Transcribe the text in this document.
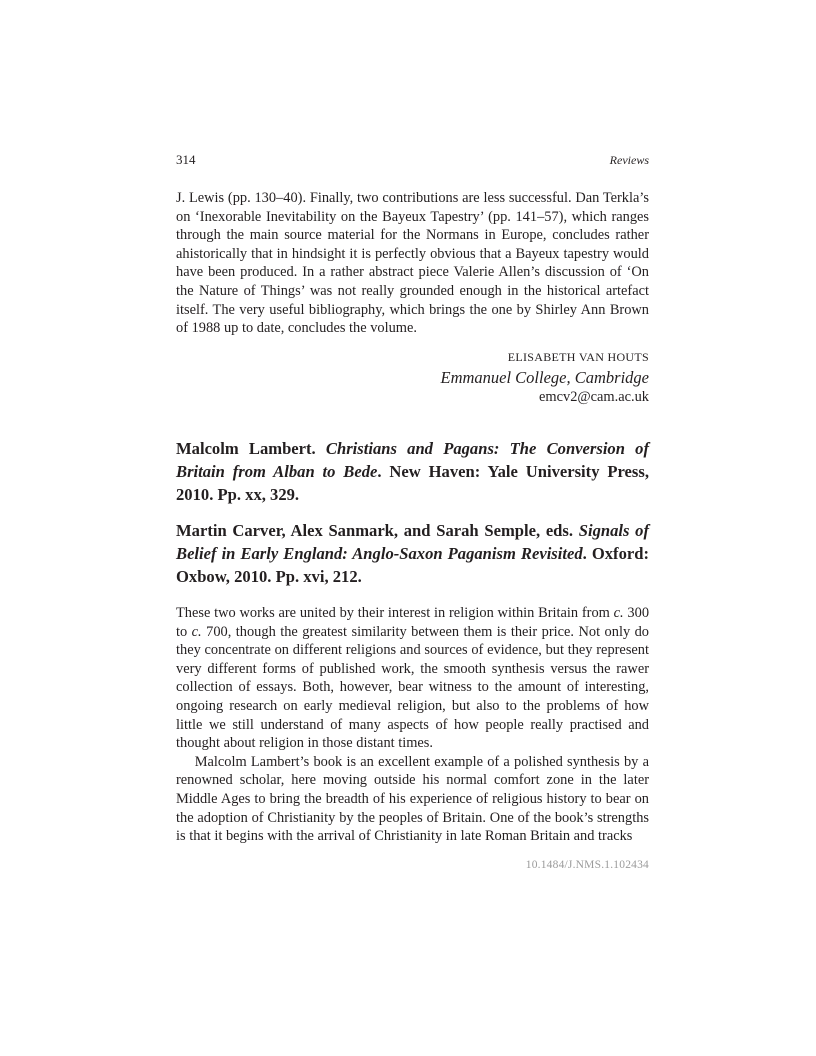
314	Reviews

J. Lewis (pp. 130–40). Finally, two contributions are less successful. Dan Terkla’s on ‘Inexorable Inevitability on the Bayeux Tapestry’ (pp. 141–57), which ranges through the main source material for the Normans in Europe, concludes rather ahistorically that in hindsight it is perfectly obvious that a Bayeux tapestry would have been produced. In a rather abstract piece Valerie Allen’s discussion of ‘On the Nature of Things’ was not really grounded enough in the historical artefact itself. The very useful bibliography, which brings the one by Shirley Ann Brown of 1988 up to date, concludes the volume.

ELISABETH VAN HOUTS
Emmanuel College, Cambridge
emcv2@cam.ac.uk

Malcolm Lambert. Christians and Pagans: The Conversion of Britain from Alban to Bede. New Haven: Yale University Press, 2010. Pp. xx, 329.

Martin Carver, Alex Sanmark, and Sarah Semple, eds. Signals of Belief in Early England: Anglo-Saxon Paganism Revisited. Oxford: Oxbow, 2010. Pp. xvi, 212.

These two works are united by their interest in religion within Britain from c. 300 to c. 700, though the greatest similarity between them is their price. Not only do they concentrate on different religions and sources of evidence, but they represent very different forms of published work, the smooth synthesis versus the rawer collection of essays. Both, however, bear witness to the amount of interesting, ongoing research on early medieval religion, but also to the problems of how little we still understand of many aspects of how people really practised and thought about religion in those distant times.

Malcolm Lambert’s book is an excellent example of a polished synthesis by a renowned scholar, here moving outside his normal comfort zone in the later Middle Ages to bring the breadth of his experience of religious history to bear on the adoption of Christianity by the peoples of Britain. One of the book’s strengths is that it begins with the arrival of Christianity in late Roman Britain and tracks

10.1484/J.NMS.1.102434
